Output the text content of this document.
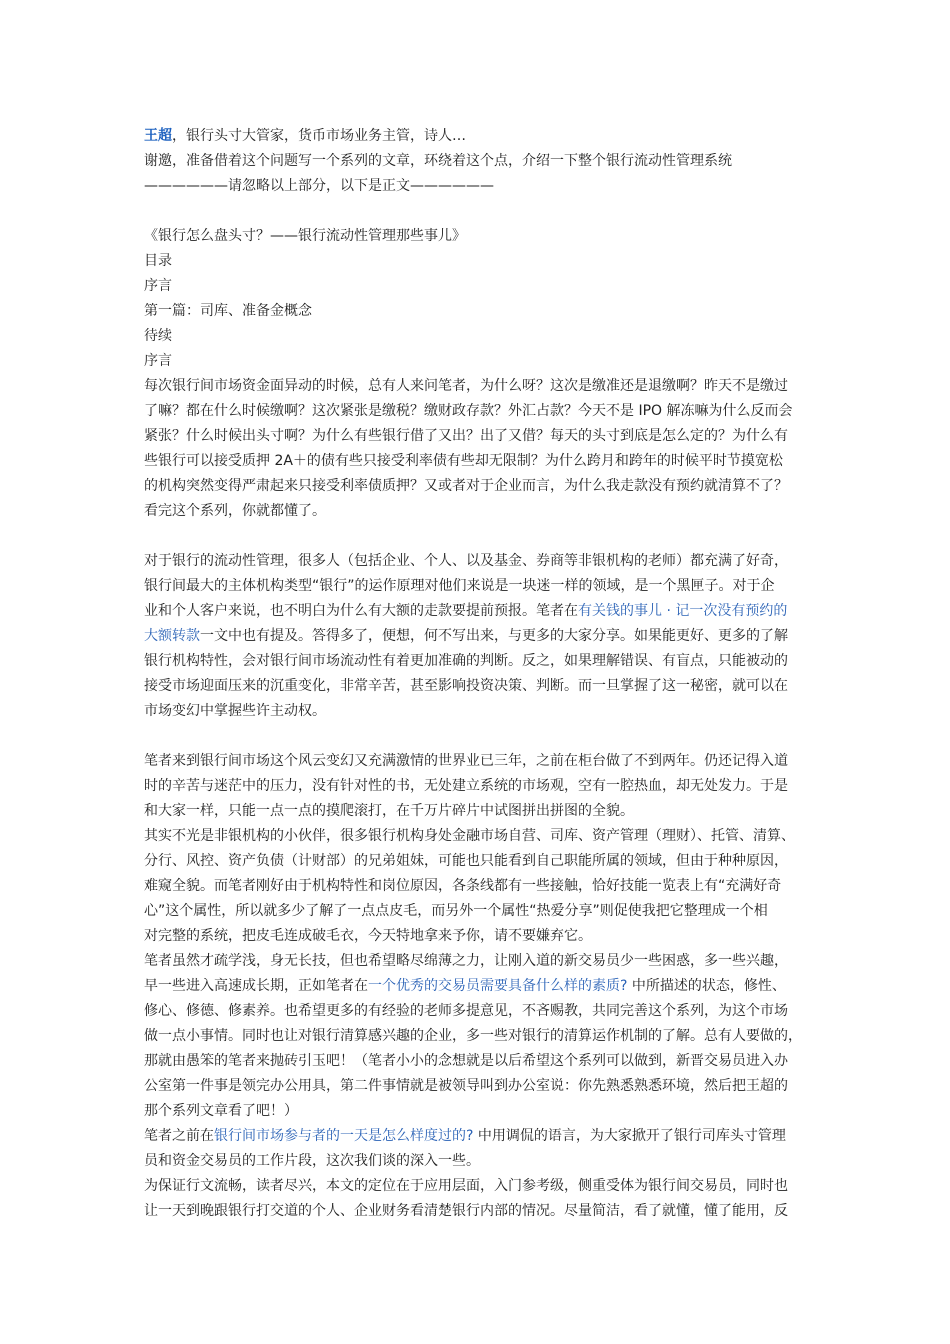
王超，银行头寸大管家，货币市场业务主管，诗人…
谢邀，准备借着这个问题写一个系列的文章，环绕着这个点，介绍一下整个银行流动性管理系统
——————请忽略以上部分，以下是正文——————
《银行怎么盘头寸？——银行流动性管理那些事儿》
目录
序言
第一篇：司库、准备金概念
待续
序言
每次银行间市场资金面异动的时候，总有人来问笔者，为什么呀？这次是缴准还是退缴啊？昨天不是缴过
了嘛？都在什么时候缴啊？这次紧张是缴税？缴财政存款？外汇占款？今天不是 IPO 解冻嘛为什么反而会
紧张？什么时候出头寸啊？为什么有些银行借了又出？出了又借？每天的头寸到底是怎么定的？为什么有
些银行可以接受质押 2A＋的债有些只接受利率债有些却无限制？为什么跨月和跨年的时候平时节摸宽松
的机构突然变得严肃起来只接受利率债质押？又或者对于企业而言，为什么我走款没有预约就清算不了？
看完这个系列，你就都懂了。
对于银行的流动性管理，很多人（包括企业、个人、以及基金、券商等非银机构的老师）都充满了好奇，
银行间最大的主体机构类型“银行”的运作原理对他们来说是一块迷一样的领域，是一个黑匣子。对于企
业和个人客户来说，也不明白为什么有大额的走款要提前预报。笔者在有关钱的事儿 · 记一次没有预约的
大额转款一文中也有提及。答得多了，便想，何不写出来，与更多的大家分享。如果能更好、更多的了解
银行机构特性，会对银行间市场流动性有着更加准确的判断。反之，如果理解错误、有盲点，只能被动的
接受市场迎面压来的沉重变化，非常辛苦，甚至影响投资决策、判断。而一旦掌握了这一秘密，就可以在
市场变幻中掌握些许主动权。
笔者来到银行间市场这个风云变幻又充满激情的世界业已三年，之前在柜台做了不到两年。仍还记得入道
时的辛苦与迷茫中的压力，没有针对性的书，无处建立系统的市场观，空有一腔热血，却无处发力。于是
和大家一样，只能一点一点的摸爬滚打，在千万片碎片中试图拼出拼图的全貌。
其实不光是非银机构的小伙伴，很多银行机构身处金融市场自营、司库、资产管理（理财）、托管、清算、
分行、风控、资产负债（计财部）的兄弟姐妹，可能也只能看到自己职能所属的领域，但由于种种原因，
难窥全貌。而笔者刚好由于机构特性和岗位原因，各条线都有一些接触，恰好技能一览表上有“充满好奇
心”这个属性，所以就多少了解了一点点皮毛，而另外一个属性“热爱分享”则促使我把它整理成一个相
对完整的系统，把皮毛连成破毛衣，今天特地拿来予你，请不要嫌弃它。
笔者虽然才疏学浅，身无长技，但也希望略尽绵薄之力，让刚入道的新交易员少一些困惑，多一些兴趣，
早一些进入高速成长期，正如笔者在一个优秀的交易员需要具备什么样的素质? 中所描述的状态，修性、
修心、修德、修素养。也希望更多的有经验的老师多提意见，不吝赐教，共同完善这个系列，为这个市场
做一点小事情。同时也让对银行清算感兴趣的企业，多一些对银行的清算运作机制的了解。总有人要做的，
那就由愚笨的笔者来抛砖引玉吧！（笔者小小的念想就是以后希望这个系列可以做到，新晋交易员进入办
公室第一件事是领完办公用具，第二件事情就是被领导叫到办公室说：你先熟悉熟悉环境，然后把王超的
那个系列文章看了吧！）
笔者之前在银行间市场参与者的一天是怎么样度过的? 中用调侃的语言，为大家掀开了银行司库头寸管理
员和资金交易员的工作片段，这次我们谈的深入一些。
为保证行文流畅，读者尽兴，本文的定位在于应用层面，入门参考级，侧重受体为银行间交易员，同时也
让一天到晚跟银行打交道的个人、企业财务看清楚银行内部的情况。尽量简洁，看了就懂，懂了能用，反
